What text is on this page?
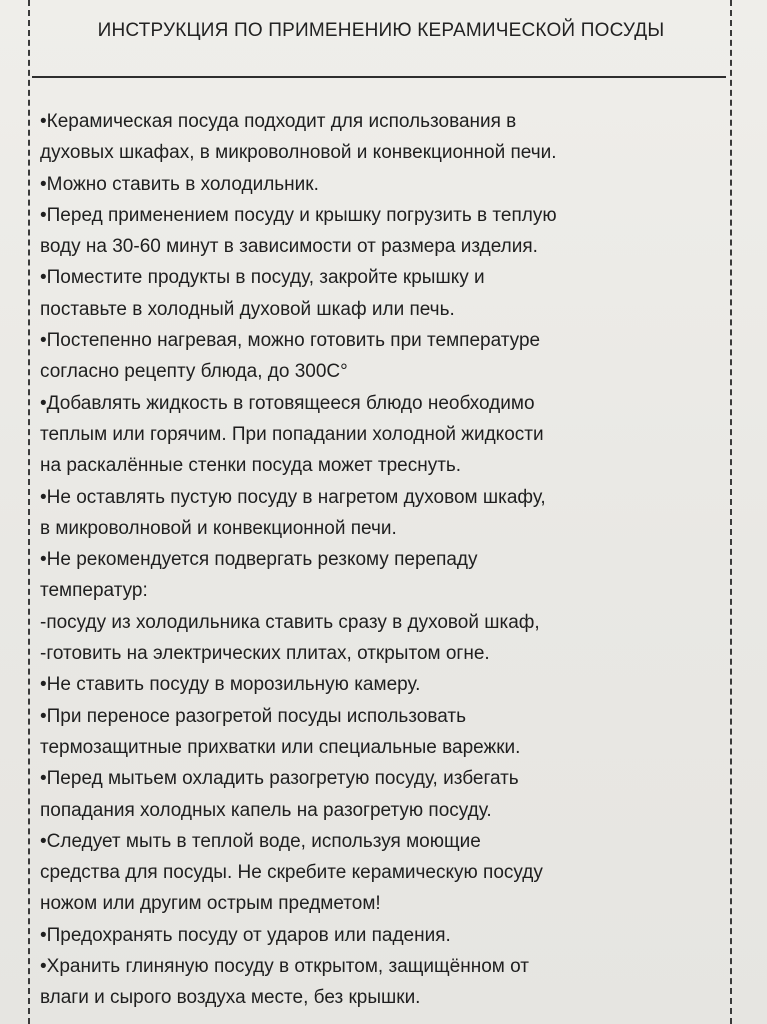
ИНСТРУКЦИЯ ПО ПРИМЕНЕНИЮ КЕРАМИЧЕСКОЙ ПОСУДЫ
•Керамическая посуда подходит для использования в
духовых шкафах, в микроволновой и конвекционной печи.
•Можно ставить в холодильник.
•Перед применением посуду и крышку погрузить в теплую
воду на 30-60 минут в зависимости от размера изделия.
•Поместите продукты в посуду, закройте крышку и
поставьте в холодный духовой шкаф или печь.
•Постепенно нагревая, можно готовить при температуре
согласно рецепту блюда, до 300С°
•Добавлять жидкость в готовящееся блюдо необходимо
теплым или горячим. При попадании холодной жидкости
на раскалённые стенки посуда может треснуть.
•Не оставлять пустую посуду в нагретом духовом шкафу,
в микроволновой и конвекционной печи.
•Не рекомендуется подвергать резкому перепаду
температур:
-посуду из холодильника ставить сразу в духовой шкаф,
-готовить на электрических плитах, открытом огне.
•Не ставить посуду в морозильную камеру.
•При переносе разогретой посуды использовать
термозащитные прихватки или специальные варежки.
•Перед мытьем охладить разогретую посуду, избегать
попадания холодных капель на разогретую посуду.
•Следует мыть в теплой воде, используя моющие
средства для посуды. Не скребите керамическую посуду
ножом или другим острым предметом!
•Предохранять посуду от ударов или падения.
•Хранить глиняную посуду в открытом, защищённом от
влаги и сырого воздуха месте, без крышки.
